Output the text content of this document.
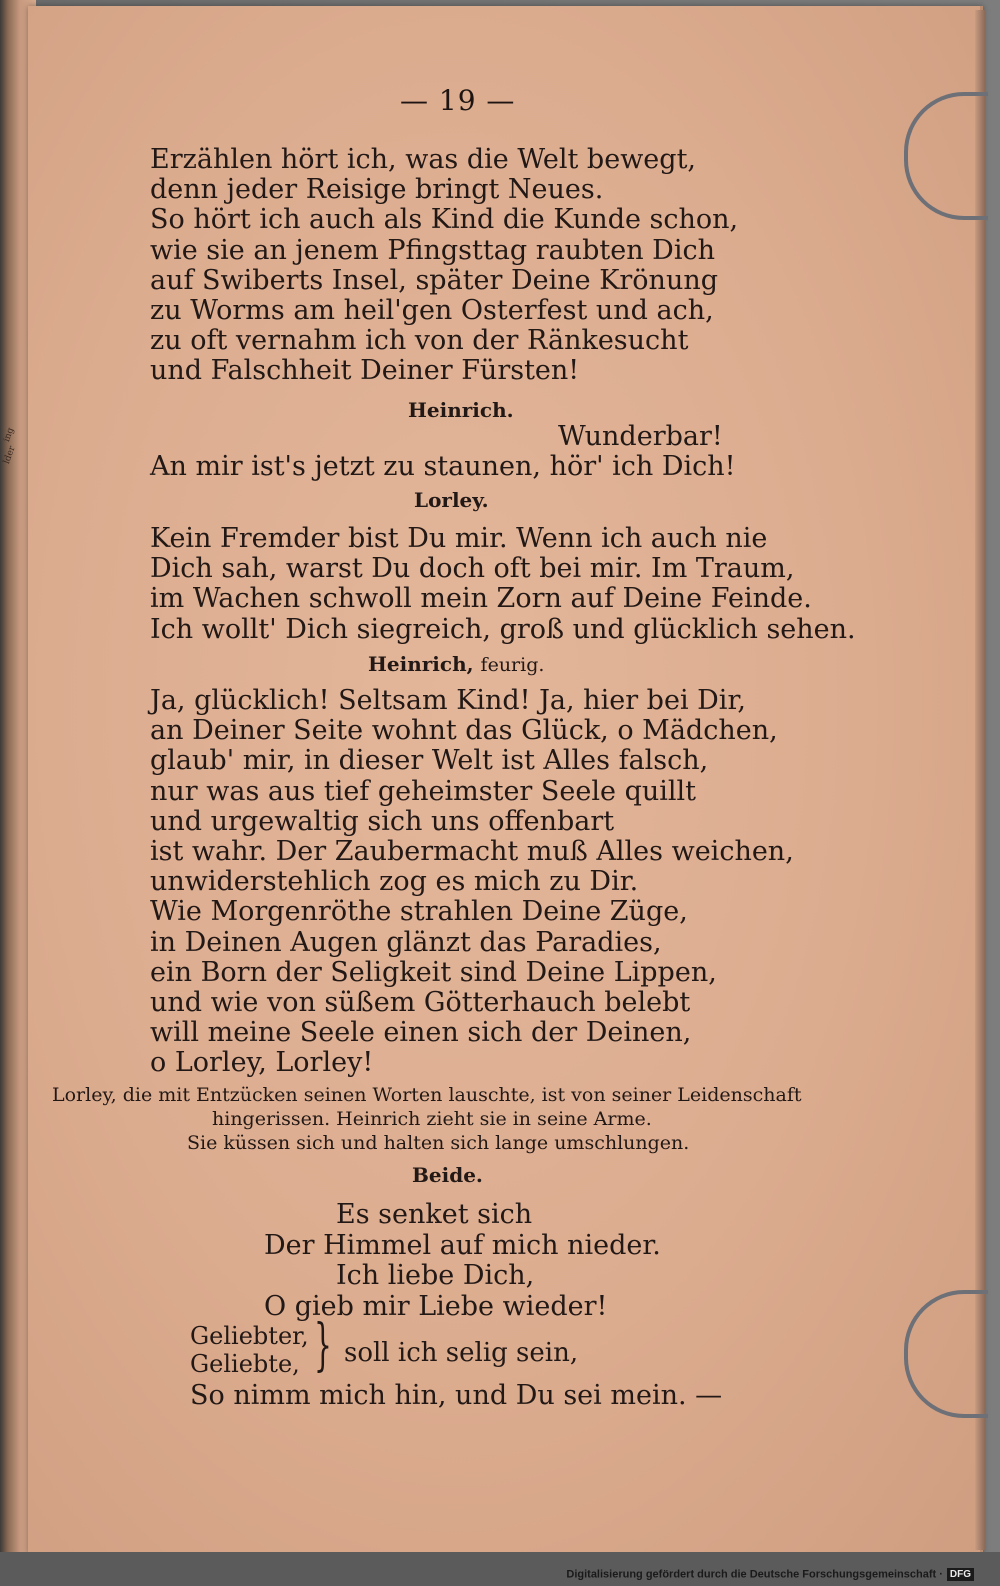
ing
lder
— 19 —
Erzählen hört ich, was die Welt bewegt,
denn jeder Reisige bringt Neues.
So hört ich auch als Kind die Kunde schon,
wie sie an jenem Pfingsttag raubten Dich
auf Swiberts Insel, später Deine Krönung
zu Worms am heil'gen Osterfest und ach,
zu oft vernahm ich von der Ränkesucht
und Falschheit Deiner Fürsten!
Heinrich.
Wunderbar!
An mir ist's jetzt zu staunen, hör' ich Dich!
Lorley.
Kein Fremder bist Du mir. Wenn ich auch nie
Dich sah, warst Du doch oft bei mir. Im Traum,
im Wachen schwoll mein Zorn auf Deine Feinde.
Ich wollt' Dich siegreich, groß und glücklich sehen.
Heinrich, feurig.
Ja, glücklich! Seltsam Kind! Ja, hier bei Dir,
an Deiner Seite wohnt das Glück, o Mädchen,
glaub' mir, in dieser Welt ist Alles falsch,
nur was aus tief geheimster Seele quillt
und urgewaltig sich uns offenbart
ist wahr. Der Zaubermacht muß Alles weichen,
unwiderstehlich zog es mich zu Dir.
Wie Morgenröthe strahlen Deine Züge,
in Deinen Augen glänzt das Paradies,
ein Born der Seligkeit sind Deine Lippen,
und wie von süßem Götterhauch belebt
will meine Seele einen sich der Deinen,
o Lorley, Lorley!
Lorley, die mit Entzücken seinen Worten lauschte, ist von seiner Leidenschaft
hingerissen. Heinrich zieht sie in seine Arme.
Sie küssen sich und halten sich lange umschlungen.
Beide.
Es senket sich
Der Himmel auf mich nieder.
Ich liebe Dich,
O gieb mir Liebe wieder!
Geliebter,
Geliebte, } soll ich selig sein,
So nimm mich hin, und Du sei mein. —
Digitalisierung gefördert durch die Deutsche Forschungsgemeinschaft · DFG
